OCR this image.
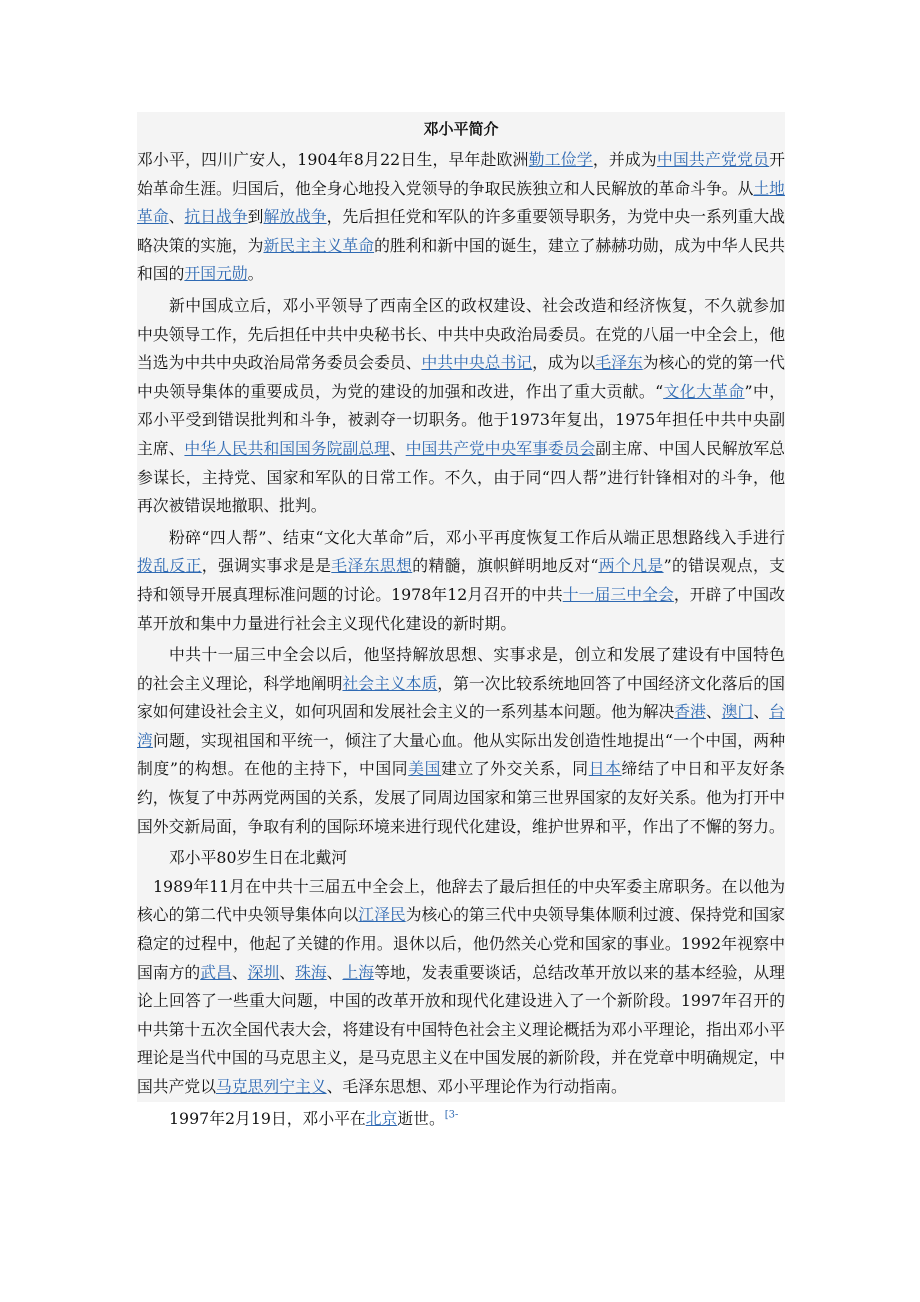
邓小平简介

邓小平，四川广安人，1904年8月22日生，早年赴欧洲勤工俭学，并成为中国共产党党员开始革命生涯。归国后，他全身心地投入党领导的争取民族独立和人民解放的革命斗争。从土地革命、抗日战争到解放战争，先后担任党和军队的许多重要领导职务，为党中央一系列重大战略决策的实施，为新民主主义革命的胜利和新中国的诞生，建立了赫赫功勋，成为中华人民共和国的开国元勋。

新中国成立后，邓小平领导了西南全区的政权建设、社会改造和经济恢复，不久就参加中央领导工作，先后担任中共中央秘书长、中共中央政治局委员。在党的八届一中全会上，他当选为中共中央政治局常务委员会委员、中共中央总书记，成为以毛泽东为核心的党的第一代中央领导集体的重要成员，为党的建设的加强和改进，作出了重大贡献。“文化大革命”中，邓小平受到错误批判和斗争，被剥夺一切职务。他于1973年复出，1975年担任中共中央副主席、中华人民共和国国务院副总理、中国共产党中央军事委员会副主席、中国人民解放军总参谋长，主持党、国家和军队的日常工作。不久，由于同“四人帮”进行针锋相对的斗争，他再次被错误地撤职、批判。

粉碎“四人帮”、结束“文化大革命”后，邓小平再度恢复工作后从端正思想路线入手进行拨乱反正，强调实事求是是毛泽东思想的精髓，旗帜鲜明地反对“两个凡是”的错误观点，支持和领导开展真理标准问题的讨论。1978年12月召开的中共十一届三中全会，开辟了中国改革开放和集中力量进行社会主义现代化建设的新时期。

中共十一届三中全会以后，他坚持解放思想、实事求是，创立和发展了建设有中国特色的社会主义理论，科学地阐明社会主义本质，第一次比较系统地回答了中国经济文化落后的国家如何建设社会主义，如何巩固和发展社会主义的一系列基本问题。他为解决香港、澳门、台湾问题，实现祖国和平统一，倾注了大量心血。他从实际出发创造性地提出“一个中国，两种制度”的构想。在他的主持下，中国同美国建立了外交关系，同日本缔结了中日和平友好条约，恢复了中苏两党两国的关系，发展了同周边国家和第三世界国家的友好关系。他为打开中国外交新局面，争取有利的国际环境来进行现代化建设，维护世界和平，作出了不懈的努力。

邓小平80岁生日在北戴河

1989年11月在中共十三届五中全会上，他辞去了最后担任的中央军委主席职务。在以他为核心的第二代中央领导集体向以江泽民为核心的第三代中央领导集体顺利过渡、保持党和国家稳定的过程中，他起了关键的作用。退休以后，他仍然关心党和国家的事业。1992年视察中国南方的武昌、深圳、珠海、上海等地，发表重要谈话，总结改革开放以来的基本经验，从理论上回答了一些重大问题，中国的改革开放和现代化建设进入了一个新阶段。1997年召开的中共第十五次全国代表大会，将建设有中国特色社会主义理论概括为邓小平理论，指出邓小平理论是当代中国的马克思主义，是马克思主义在中国发展的新阶段，并在党章中明确规定，中国共产党以马克思列宁主义、毛泽东思想、邓小平理论作为行动指南。

1997年2月19日，邓小平在北京逝世。$^{[3-}$
